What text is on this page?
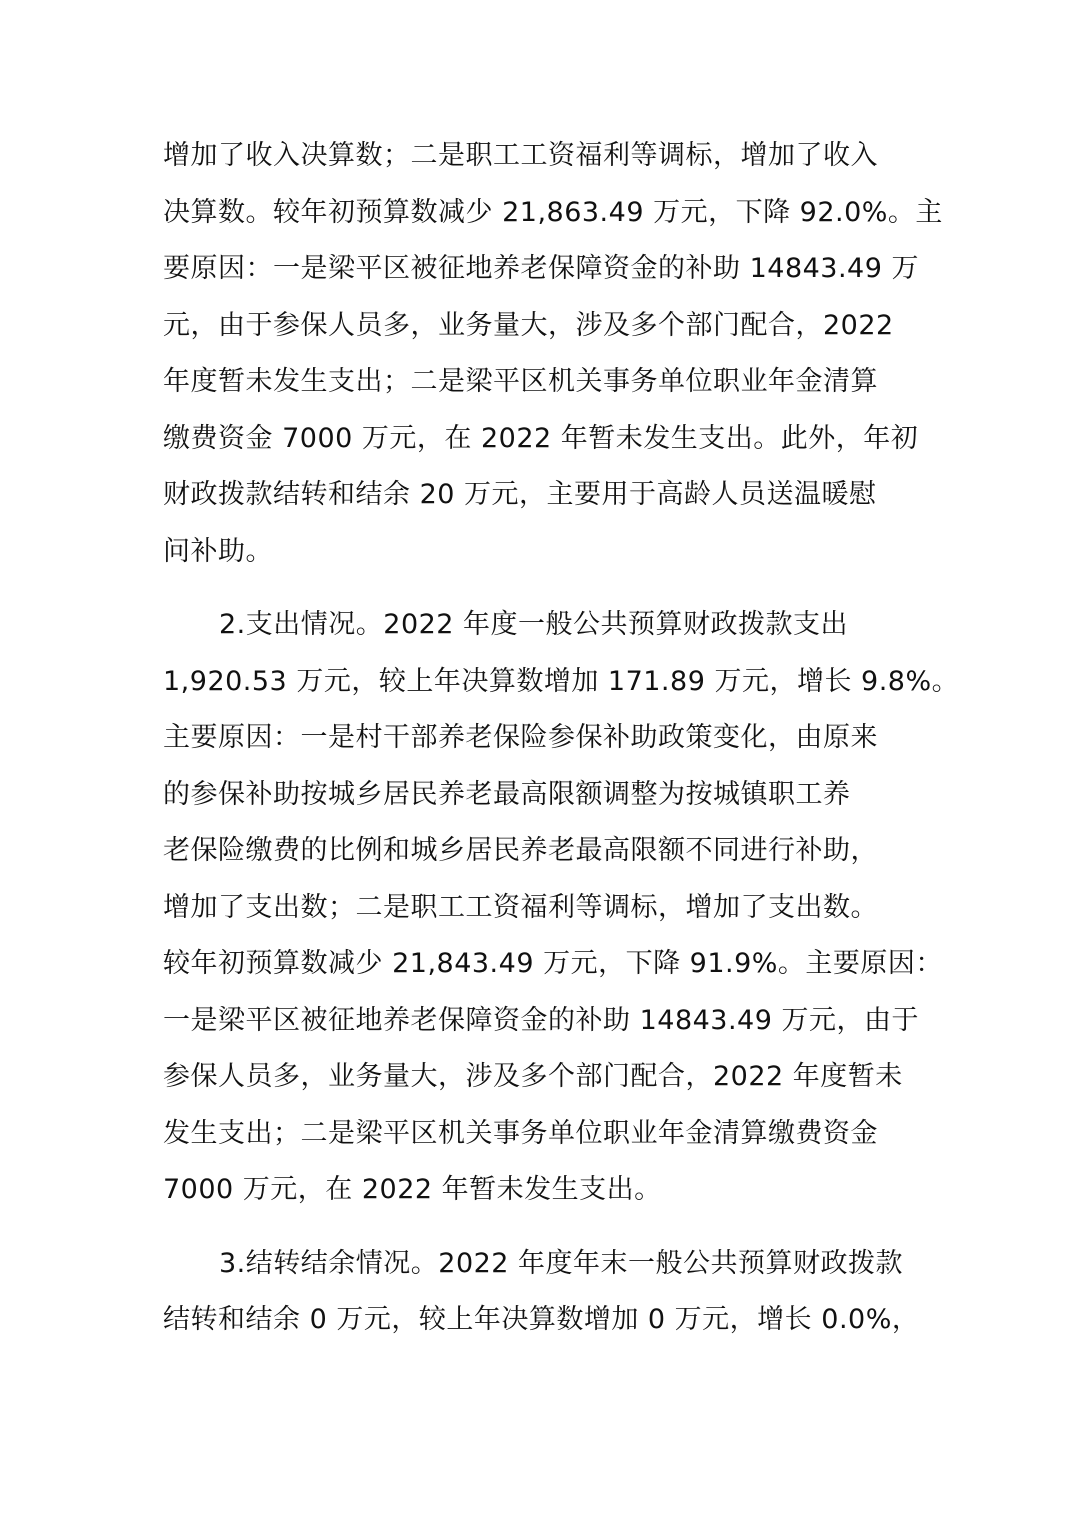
增加了收入决算数；二是职工工资福利等调标，增加了收入
决算数。较年初预算数减少 21,863.49 万元，下降 92.0%。主
要原因：一是梁平区被征地养老保障资金的补助 14843.49 万
元，由于参保人员多，业务量大，涉及多个部门配合，2022
年度暂未发生支出；二是梁平区机关事务单位职业年金清算
缴费资金 7000 万元，在 2022 年暂未发生支出。此外，年初
财政拨款结转和结余 20 万元，主要用于高龄人员送温暖慰
问补助。
2.支出情况。2022 年度一般公共预算财政拨款支出
1,920.53 万元，较上年决算数增加 171.89 万元，增长 9.8%。
主要原因：一是村干部养老保险参保补助政策变化，由原来
的参保补助按城乡居民养老最高限额调整为按城镇职工养
老保险缴费的比例和城乡居民养老最高限额不同进行补助，
增加了支出数；二是职工工资福利等调标，增加了支出数。
较年初预算数减少 21,843.49 万元，下降 91.9%。主要原因：
一是梁平区被征地养老保障资金的补助 14843.49 万元，由于
参保人员多，业务量大，涉及多个部门配合，2022 年度暂未
发生支出；二是梁平区机关事务单位职业年金清算缴费资金
7000 万元，在 2022 年暂未发生支出。
3.结转结余情况。2022 年度年末一般公共预算财政拨款
结转和结余 0 万元，较上年决算数增加 0 万元，增长 0.0%，
